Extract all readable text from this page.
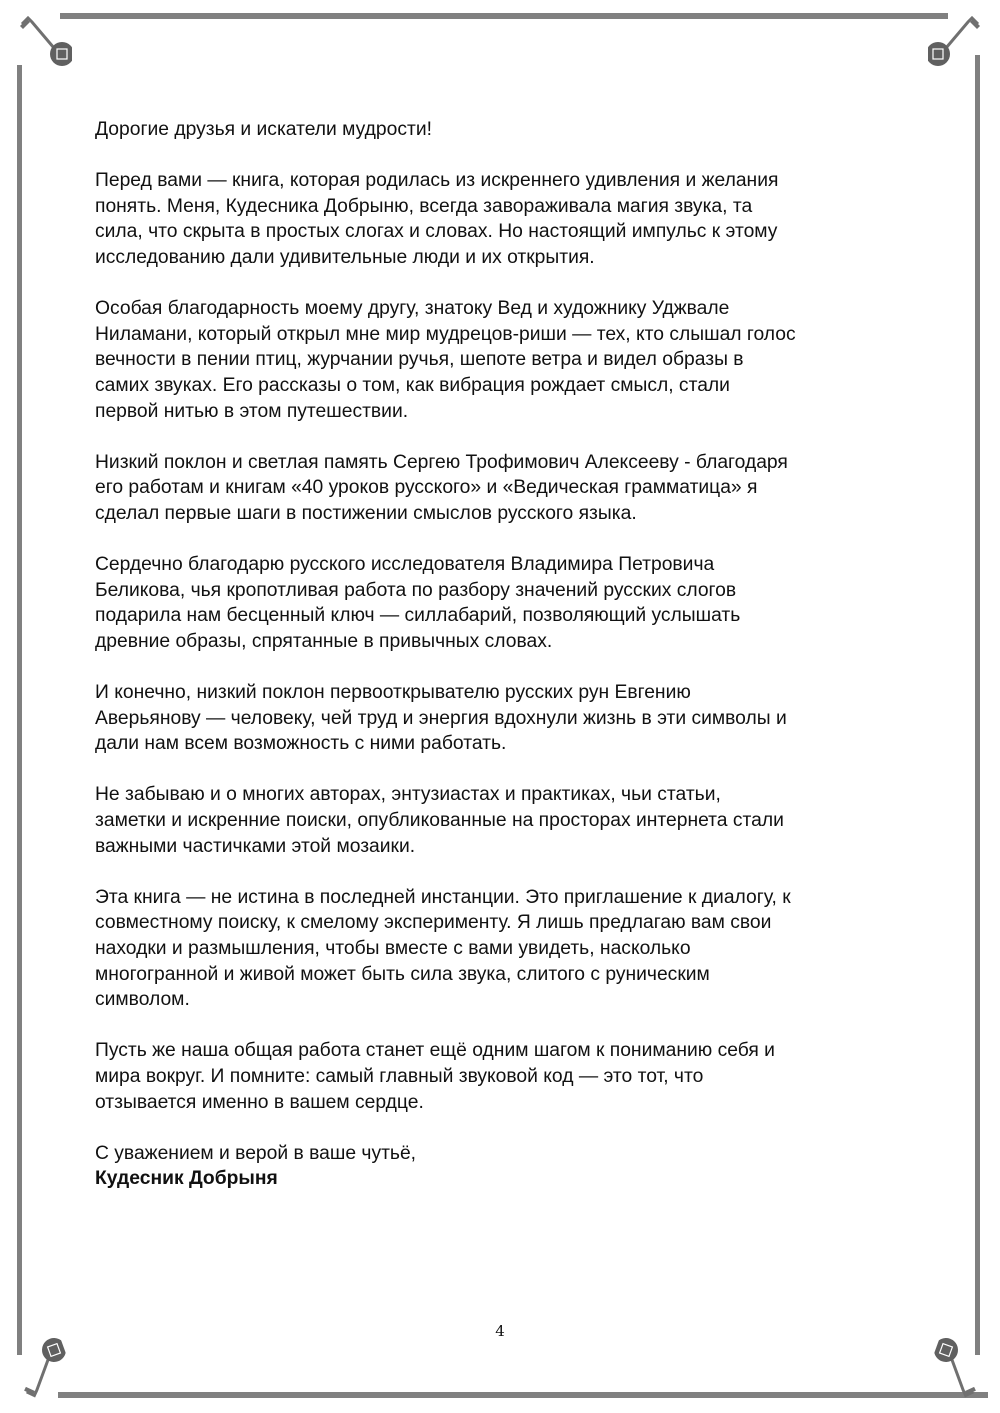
Дорогие друзья и искатели мудрости!

Перед вами — книга, которая родилась из искреннего удивления и желания
понять. Меня, Кудесника Добрыню, всегда завораживала магия звука, та
сила, что скрыта в простых слогах и словах. Но настоящий импульс к этому
исследованию дали удивительные люди и их открытия.

Особая благодарность моему другу, знатоку Вед и художнику Уджвале
Ниламани, который открыл мне мир мудрецов-риши — тех, кто слышал голос
вечности в пении птиц, журчании ручья, шепоте ветра и видел образы в
самих звуках. Его рассказы о том, как вибрация рождает смысл, стали
первой нитью в этом путешествии.

Низкий поклон и светлая память Сергею Трофимович Алексееву - благодаря
его работам и книгам «40 уроков русского» и «Ведическая грамматица» я
сделал первые шаги в постижении смыслов русского языка.

Сердечно благодарю русского исследователя Владимира Петровича
Беликова, чья кропотливая работа по разбору значений русских слогов
подарила нам бесценный ключ — силлабарий, позволяющий услышать
древние образы, спрятанные в привычных словах.

И конечно, низкий поклон первооткрывателю русских рун Евгению
Аверьянову — человеку, чей труд и энергия вдохнули жизнь в эти символы и
дали нам всем возможность с ними работать.

Не забываю и о многих авторах, энтузиастах и практиках, чьи статьи,
заметки и искренние поиски, опубликованные на просторах интернета стали
важными частичками этой мозаики.

Эта книга — не истина в последней инстанции. Это приглашение к диалогу, к
совместному поиску, к смелому эксперименту. Я лишь предлагаю вам свои
находки и размышления, чтобы вместе с вами увидеть, насколько
многогранной и живой может быть сила звука, слитого с руническим
символом.

Пусть же наша общая работа станет ещё одним шагом к пониманию себя и
мира вокруг. И помните: самый главный звуковой код — это тот, что
отзывается именно в вашем сердце.

С уважением и верой в ваше чутьё,
Кудесник Добрыня

4
